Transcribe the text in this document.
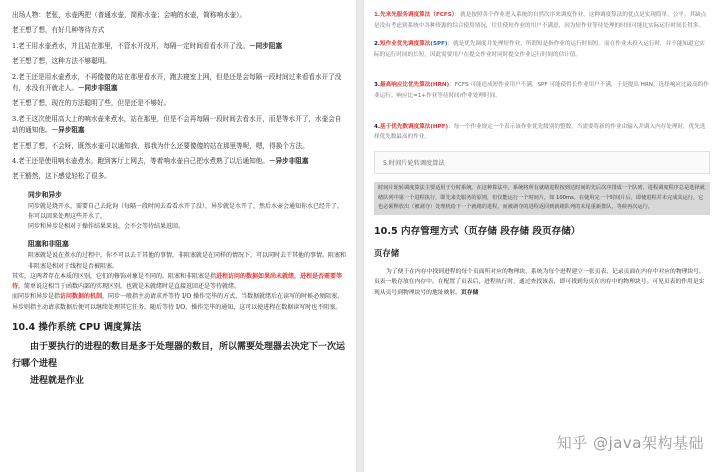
出场人物：老张，水壶两把（普通水壶，简称水壶；会响的水壶，简称响水壶）。

老王想了想，有好几种等待方式

1.老王用水壶煮水，并且站在那里，不管水开没开，每隔一定时间看看水开了没。－同步阻塞

老王想了想，这种方法不够聪明。

2.老王还是用水壶煮水，不再傻傻的站在那里看水开，跑去寝室上网，但是还是会每隔一段时间过来看看水开了没有，水没有开就走人。－同步非阻塞

老王想了想，现在的方法聪明了些，但是还是不够好。

3.老王这次使用高大上的响水壶来煮水，站在那里，但是不会再每隔一段时间去看水开，而是等水开了，水壶会自动的通知他。－异步阻塞

老王想了想，不会呀，既然水壶可以通知我，那我为什么还要傻傻的站在那里等呢，嗯，得换个方法。

4.老王还是使用响水壶煮水，跑到客厅上网去，等着响水壶自己把水煮熟了以后通知他。－异步非阻塞

老王豁然，这下感觉轻松了很多。

同步和异步

同步就是烧开水，需要自己去轮询（每隔一段时间去看看水开了没），异步就是水开了，然后水壶会通知你水已经开了，你可以回来处理这些开水了。

同步和异步是相对于操作结果来说，会不会等待结果返回。

阻塞和非阻塞

阻塞就是说在煮水的过程中，你不可以去干其他的事情，非阻塞就是在同样的情况下，可以同时去干其他的事情。阻塞和非阻塞是相对于线程是否被阻塞。

其实，这两者存在本质的区别，它们的修饰对象是不同的。阻塞和非阻塞是指进程访问的数据如果尚未就绪，进程是否需要等待，简单说这相当于函数内部的实现区别，也就是未就绪时是直接返回还是等待就绪。

而同步和异步是指访问数据的机制，同步一般指主动请求并等待 I/O 操作完毕的方式，当数据就绪后在读写的时候必须阻塞，异步则指主动请求数据后便可以继续处理其它任务，随后等待 I/O，操作完毕的通知，这可以使进程在数据读写时也不阻塞。

10.4 操作系统 CPU 调度算法

由于要执行的进程的数目是多于处理器的数目，所以需要处理器去决定下一次运行哪个进程

进程就是作业

1.先来先服务调度算法（FCFS）：就是按照各个作业进入系统的自然次序来调度作业。这种调度算法的优点是实现简单，公平。其缺点是没有考虑到系统中各种资源的综合使用情况，往往使短作业的用户不满意，因为短作业等待处理的时间可能比实际运行时间长得多。
2.短作业优先调度算法(SPF)：就是优先调度并处理短作业，所谓短是指作业的运行时间短。而在作业未投入运行时，并不能知道它实际的运行时间的长短，因此需要用户在提交作业时同时提交作业运行时间的估计值。
3.最高响应比优先算法(HRN)：FCFS 可能造成短作业用户不满，SPF 可能使得长作业用户不满，于是提出 HRN，选择响应比最高的作业运行。响应比=1+作业等待时间/作业处理时间。
4.基于优先数调度算法(HPF)：每一个作业规定一个表示该作业优先级别的整数，当需要将新的作业由输入井调入内存处理时，优先选择优先数最高的作业。
5.时间片轮转调度算法
时间片轮转调度算法主要适用于分时系统。在这种算法中，系统将所有就绪进程按到达时间的先后次序排成一个队列，进程调度程序总是选择就绪队列中第一个进程执行，即先来先服务的原则，但仅能运行一个时间片，如 100ms。在使用完一个时间片后，即使进程并未完成其运行，它也必须释放出（被剥夺）处理机给下一个就绪的进程，而被剥夺的进程返回到就绪队列的末尾重新排队，等候再次运行。
10.5 内存管理方式（页存储 段存储 段页存储）
页存储

为了便于在内存中找到进程的每个页面所对应的物理块，系统为每个进程建立一张页表，记录页面在内存中对应的物理块号，页表一般存放在内存中。在配置了页表后，进程执行时，通过查找该表，即可找到每页在内存中的物理块号。可见页表的作用是实现从页号到物理块号的地址映射。页存储

知乎 @java架构基础
